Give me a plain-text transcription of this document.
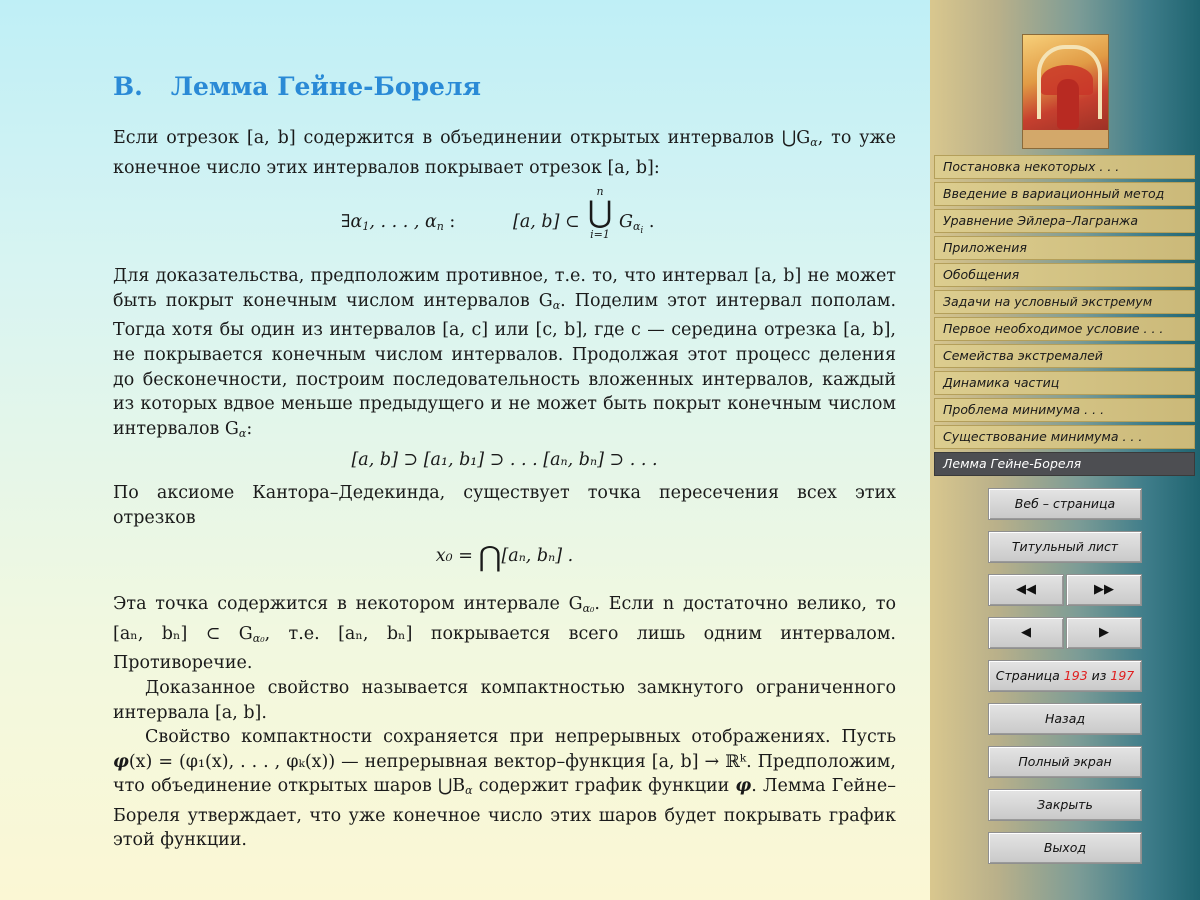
B. Лемма Гейне-Бореля

Если отрезок [a, b] содержится в объединении открытых интервалов $⋃G_\alpha$, то уже конечное число этих интервалов покрывает отрезок [a, b]:

$\exists\alpha_1$, . . . , $\alpha_n$ :	[a, b] ⊂
n
⋃
i=1
$G_{\alpha i}$ .

Для доказательства, предположим противное, т.е. то, что интервал [a, b] не может быть покрыт конечным числом интервалов $G_\alpha$. Поделим этот интервал пополам. Тогда хотя бы один из интервалов [a, c] или [c, b], где c — середина отрезка [a, b], не покрывается конечным числом интервалов. Продолжая этот процесс деления до бесконечности, построим последовательность вложенных интервалов, каждый из которых вдвое меньше предыдущего и не может быть покрыт конечным числом интервалов $G_\alpha$:

[a, b] ⊃ [a₁, b₁] ⊃ . . . [aₙ, bₙ] ⊃ . . .

По аксиоме Кантора–Дедекинда, существует точка пересечения всех этих отрезков

x₀ = ⋂[aₙ, bₙ] .

Эта точка содержится в некотором интервале $G_{\alpha_0}$. Если n достаточно велико, то [aₙ, bₙ] ⊂ $G_{\alpha_0}$, т.е. [aₙ, bₙ] покрывается всего лишь одним интервалом. Противоречие.

Доказанное свойство называется компактностью замкнутого ограниченного интервала [a, b].

Свойство компактности сохраняется при непрерывных отображениях. Пусть φ(x) = (φ₁(x), . . . , φₖ(x)) — непрерывная вектор–функция [a, b] → ℝᵏ. Предположим, что объединение открытых шаров $⋃B_\alpha$ содержит график функции φ. Лемма Гейне–Бореля утверждает, что уже конечное число этих шаров будет покрывать график этой функции.

Постановка некоторых . . .
Введение в вариационный метод
Уравнение Эйлера–Лагранжа
Приложения
Обобщения
Задачи на условный экстремум
Первое необходимое условие . . .
Семейства экстремалей
Динамика частиц
Проблема минимума . . .
Существование минимума . . .
Лемма Гейне-Бореля
Веб – страница
Титульный лист
◀◀	▶▶
◀	▶
Страница 193 из 197
Назад
Полный экран
Закрыть
Выход
